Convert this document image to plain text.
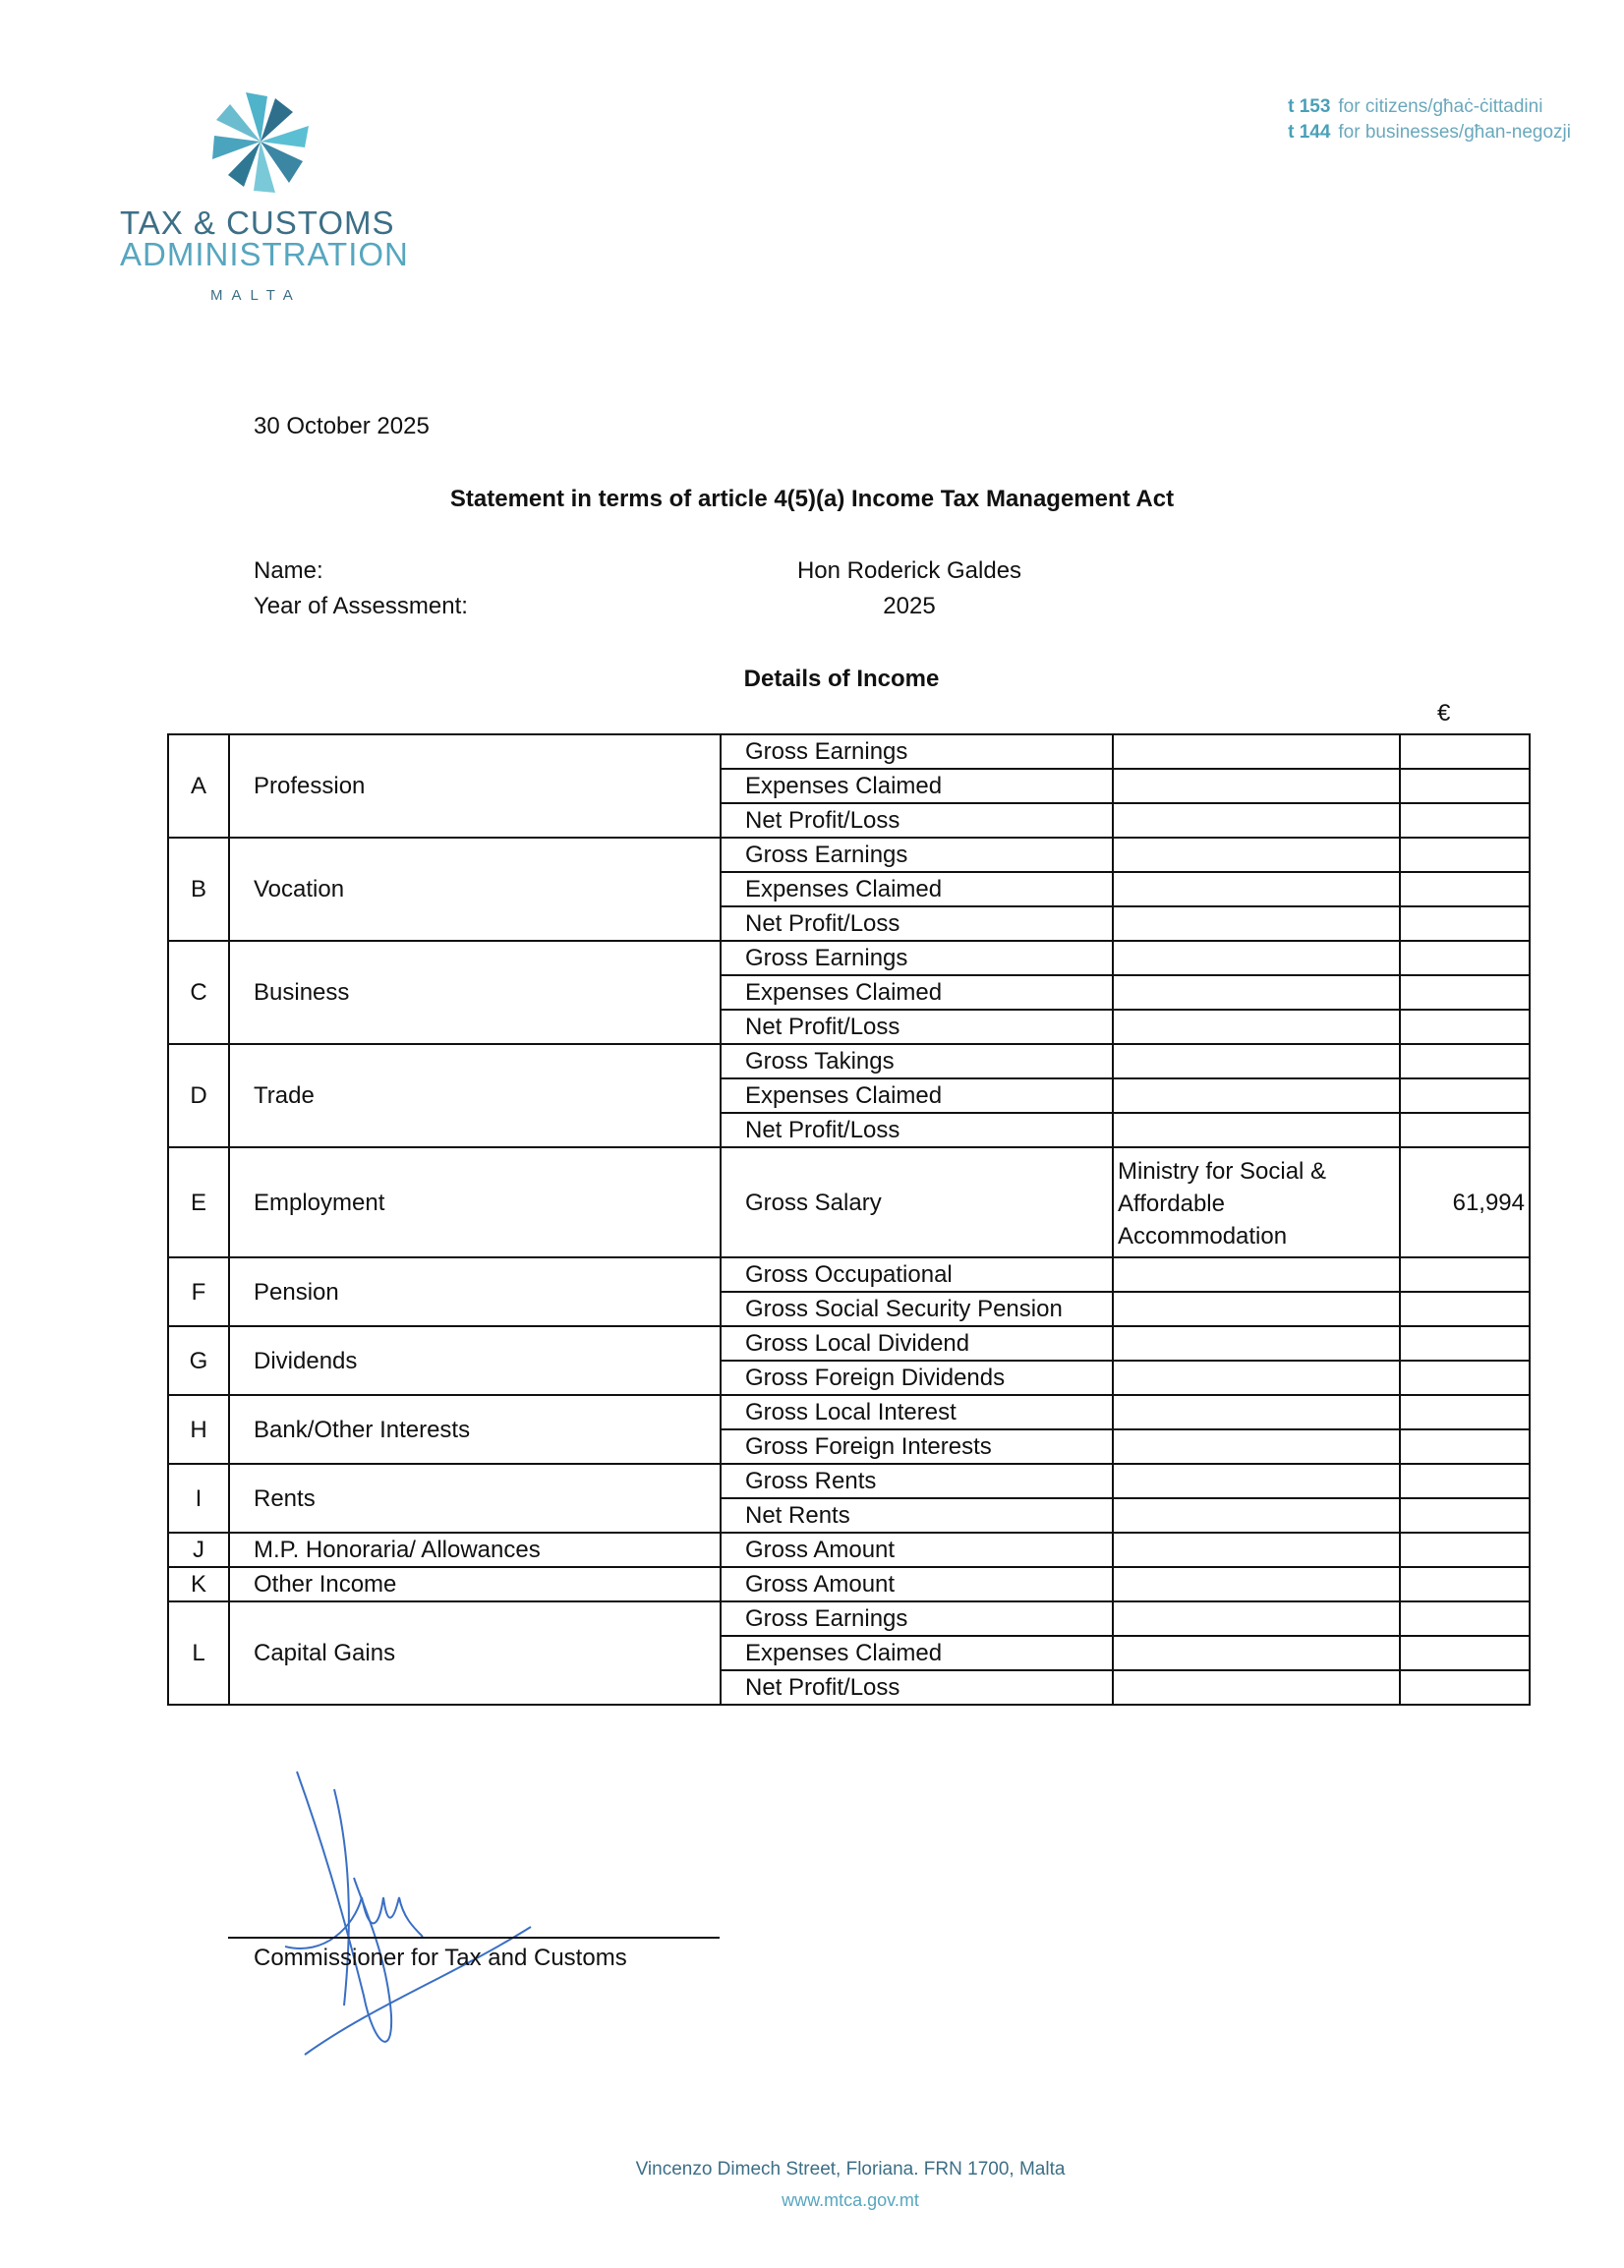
TAX & CUSTOMS
ADMINISTRATION
MALTA
t 153 for citizens/għaċ-ċittadini
t 144 for businesses/għan-negozji
30 October 2025
Statement in terms of article 4(5)(a) Income Tax Management Act
Name:	Hon Roderick Galdes
Year of Assessment:	2025
Details of Income
€
A	Profession	Gross Earnings		
		Expenses Claimed		
		Net Profit/Loss		
B	Vocation	Gross Earnings		
		Expenses Claimed		
		Net Profit/Loss		
C	Business	Gross Earnings		
		Expenses Claimed		
		Net Profit/Loss		
D	Trade	Gross Takings		
		Expenses Claimed		
		Net Profit/Loss		
E	Employment	Gross Salary	Ministry for Social &
Affordable
Accommodation	61,994
F	Pension	Gross Occupational		
		Gross Social Security Pension		
G	Dividends	Gross Local Dividend		
		Gross Foreign Dividends		
H	Bank/Other Interests	Gross Local Interest		
		Gross Foreign Interests		
I	Rents	Gross Rents		
		Net Rents		
J	M.P. Honoraria/ Allowances	Gross Amount		
K	Other Income	Gross Amount		
L	Capital Gains	Gross Earnings		
		Expenses Claimed		
		Net Profit/Loss		
Commissioner for Tax and Customs
Vincenzo Dimech Street, Floriana. FRN 1700, Malta
www.mtca.gov.mt
